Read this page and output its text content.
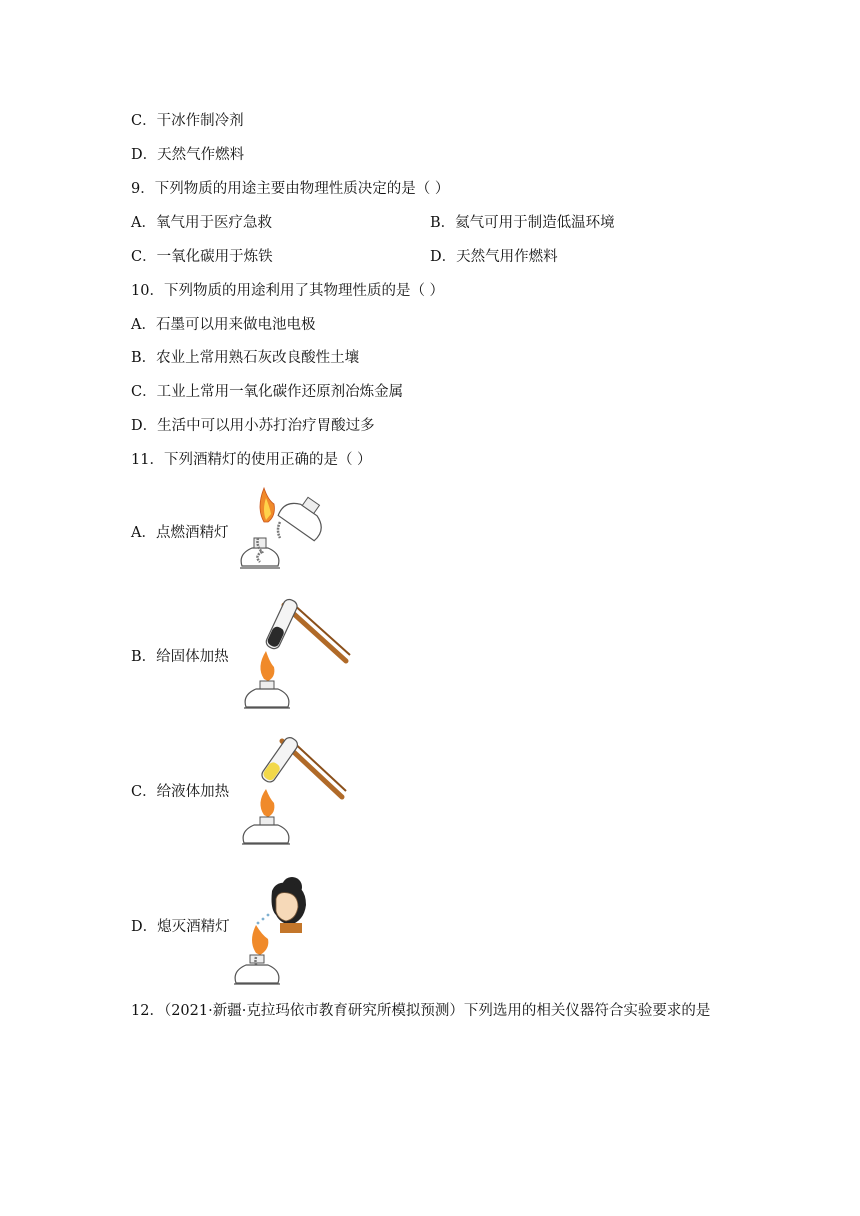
C．干冰作制冷剂
D．天然气作燃料
9．下列物质的用途主要由物理性质决定的是（ ）
A．氧气用于医疗急救	B．氦气可用于制造低温环境
C．一氧化碳用于炼铁	D．天然气用作燃料
10．下列物质的用途利用了其物理性质的是（ ）
A．石墨可以用来做电池电极
B．农业上常用熟石灰改良酸性土壤
C．工业上常用一氧化碳作还原剂冶炼金属
D．生活中可以用小苏打治疗胃酸过多
11．下列酒精灯的使用正确的是（ ）
A．点燃酒精灯
B．给固体加热
C．给液体加热
D．熄灭酒精灯
12．（2021·新疆·克拉玛依市教育研究所模拟预测）下列选用的相关仪器符合实验要求的是
